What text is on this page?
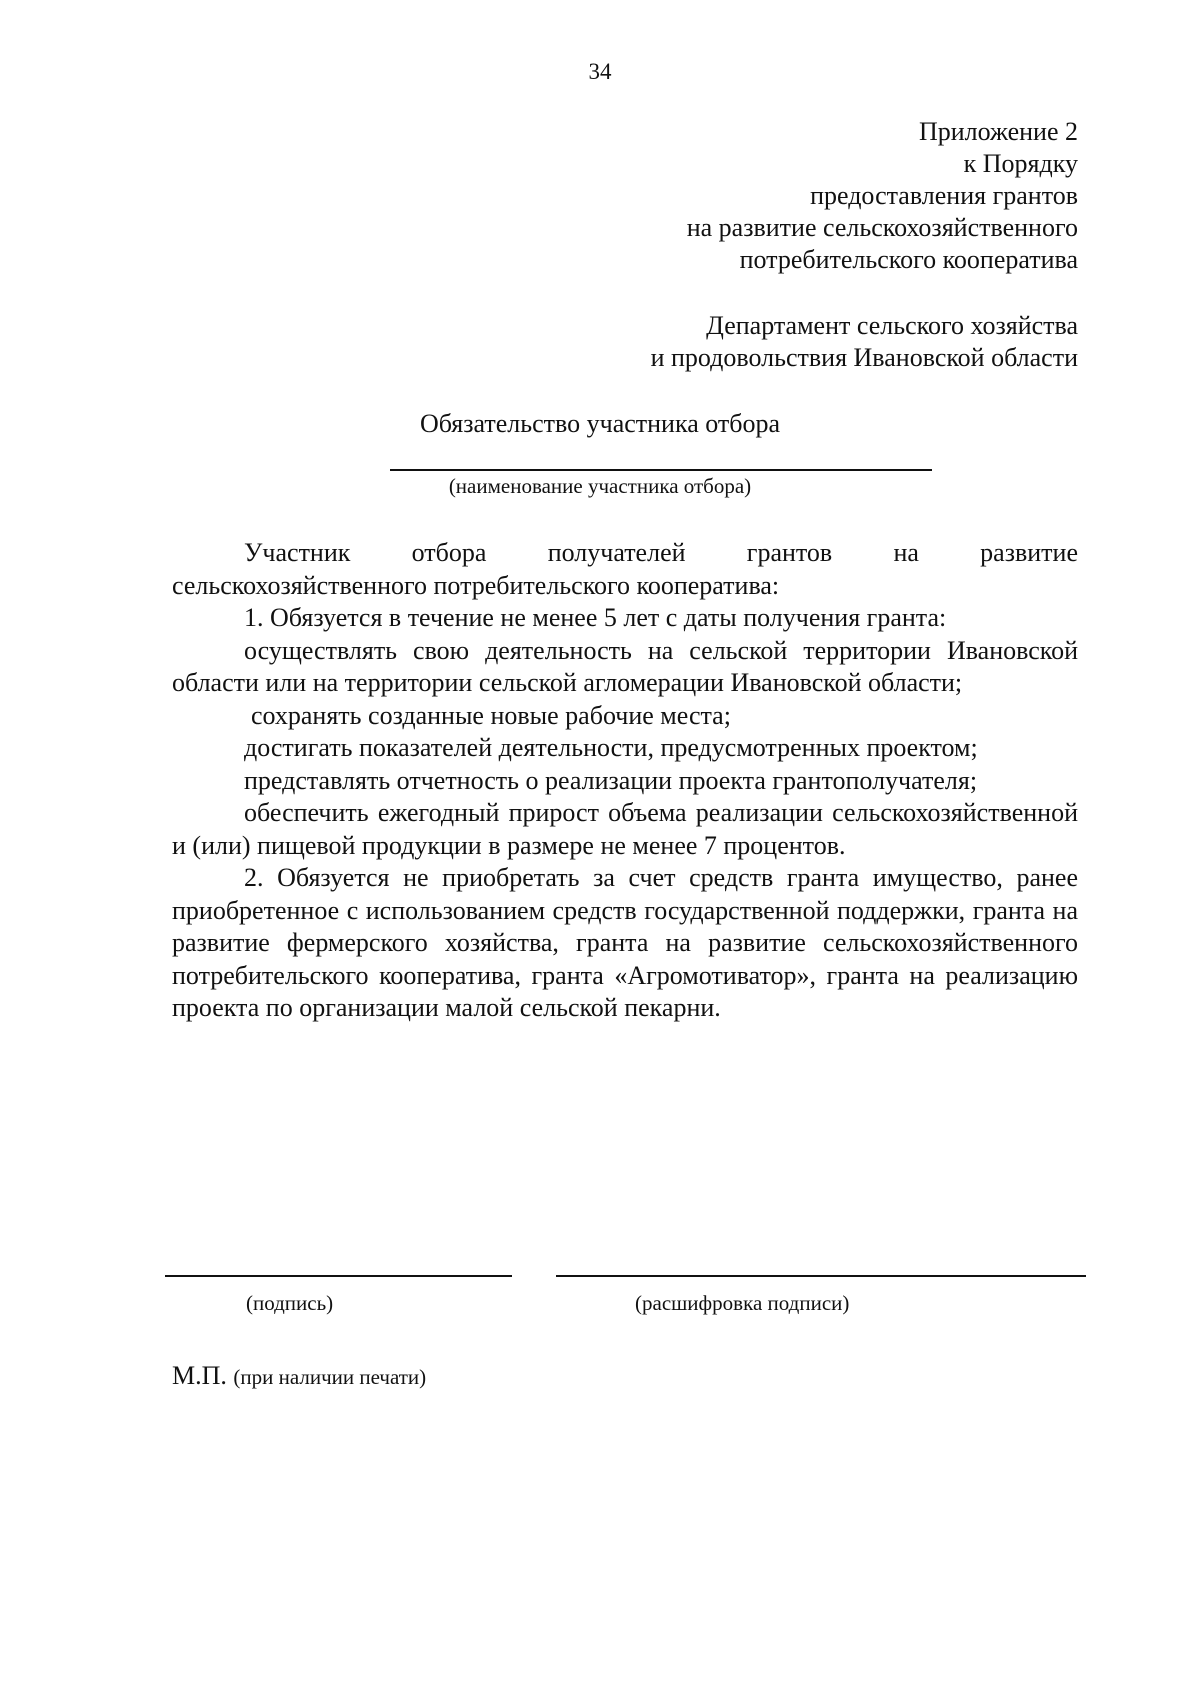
34
Приложение 2
к Порядку
предоставления грантов
на развитие сельскохозяйственного
потребительского кооператива
Департамент сельского хозяйства
и продовольствия Ивановской области
Обязательство участника отбора
(наименование участника отбора)

Участник отбора получателей грантов на развитие

сельскохозяйственного потребительского кооператива:

1. Обязуется в течение не менее 5 лет с даты получения гранта:

осуществлять свою деятельность на сельской территории Ивановской области или на территории сельской агломерации Ивановской области;

сохранять созданные новые рабочие места;

достигать показателей деятельности, предусмотренных проектом;

представлять отчетность о реализации проекта грантополучателя;

обеспечить ежегодный прирост объема реализации сельскохозяйственной и (или) пищевой продукции в размере не менее 7 процентов.

2. Обязуется не приобретать за счет средств гранта имущество, ранее приобретенное с использованием средств государственной поддержки, гранта на развитие фермерского хозяйства, гранта на развитие сельскохозяйственного потребительского кооператива, гранта «Агромотиватор», гранта на реализацию проекта по организации малой сельской пекарни.

(подпись)	(расшифровка подписи)
М.П. (при наличии печати)
